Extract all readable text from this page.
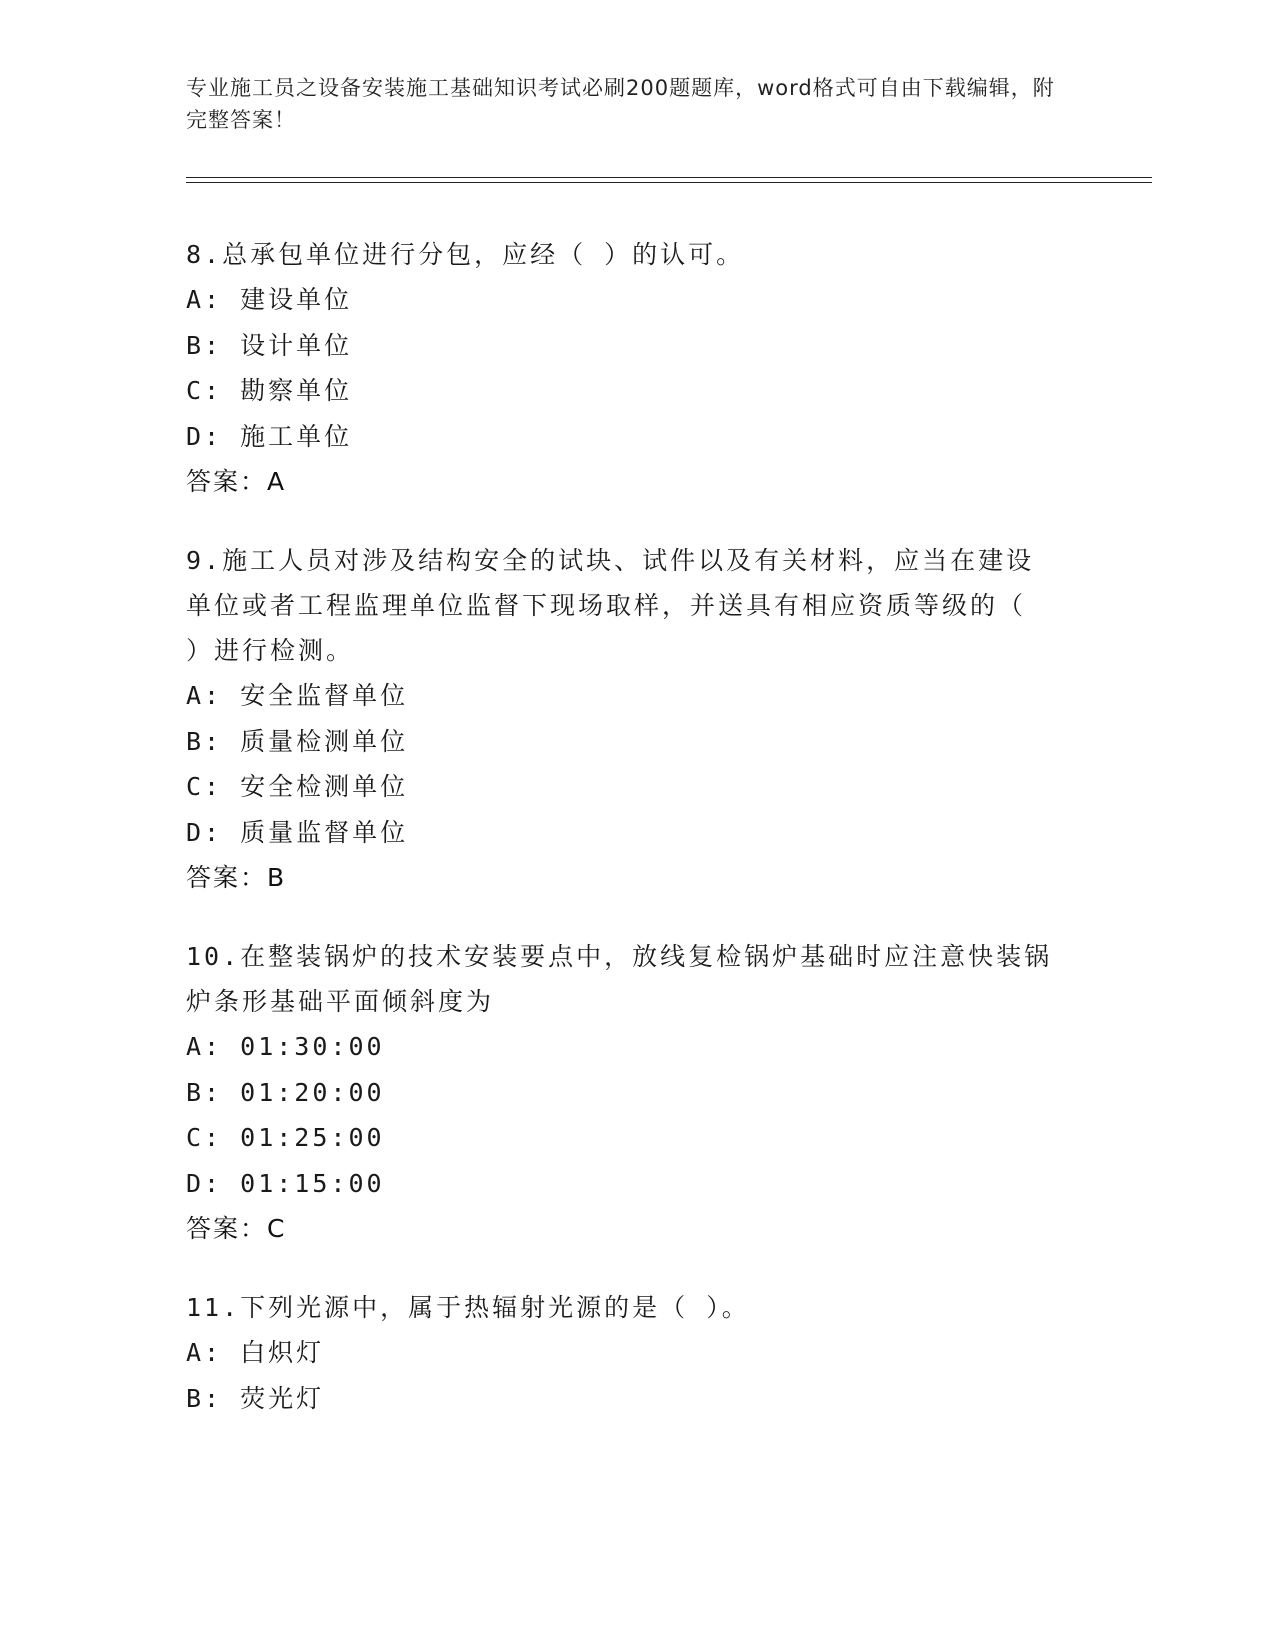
专业施工员之设备安装施工基础知识考试必刷200题题库，word格式可自由下载编辑，附完整答案！
8.总承包单位进行分包，应经（ ）的认可。
A: 建设单位
B: 设计单位
C: 勘察单位
D: 施工单位
答案：A
9.施工人员对涉及结构安全的试块、试件以及有关材料，应当在建设单位或者工程监理单位监督下现场取样，并送具有相应资质等级的（ ）进行检测。
A: 安全监督单位
B: 质量检测单位
C: 安全检测单位
D: 质量监督单位
答案：B
10.在整装锅炉的技术安装要点中，放线复检锅炉基础时应注意快装锅炉条形基础平面倾斜度为
A: 01:30:00
B: 01:20:00
C: 01:25:00
D: 01:15:00
答案：C
11.下列光源中，属于热辐射光源的是（ ）。
A: 白炽灯
B: 荧光灯
